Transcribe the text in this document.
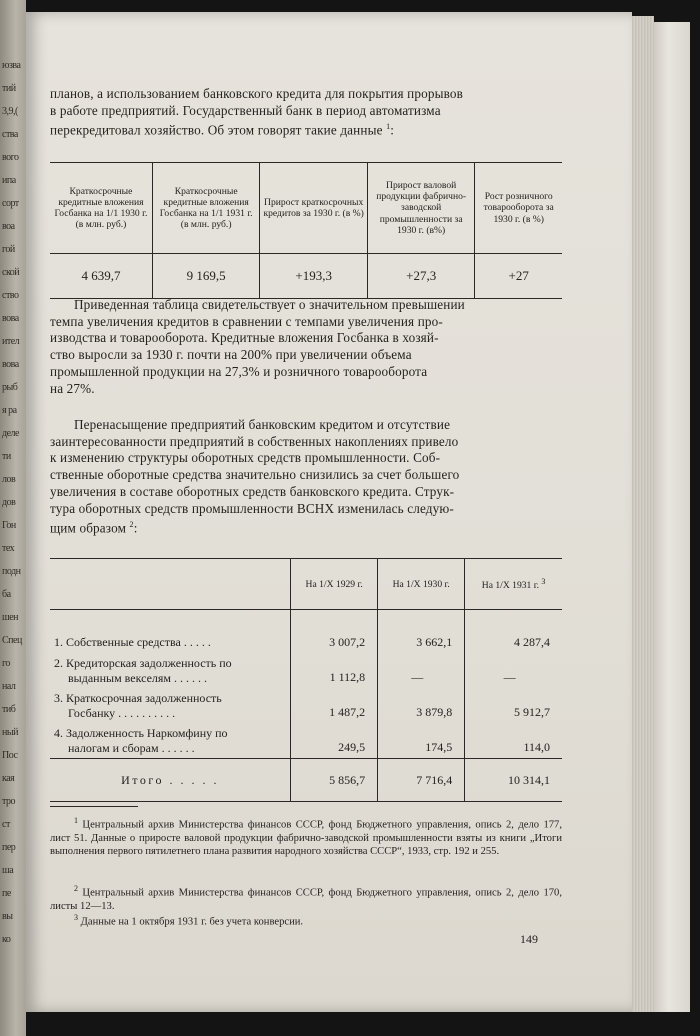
юзва
тий
3,9,(
ства
вого
ипа
сорт
воа
гой
ской
ство
вова
ител
вова
рыб
я ра
деле
ти
лов
дов
Гон
тех
подн
ба
шен
Спец
го
нал
тиб
ный
Пос
кая
тро
ст
пер
ша
пе
вы
ко
планов, а использованием банковского кредита для покрытия прорывов
в работе предприятий. Государственный банк в период автоматизма
перекредитовал хозяйство. Об этом говорят такие данные $^1$:
Краткосрочные кредитные вложения Госбанка на 1/1 1930 г. (в млн. руб.)	Краткосрочные кредитные вложения Госбанка на 1/1 1931 г. (в млн. руб.)	Прирост краткосрочных кредитов за 1930 г. (в %)	Прирост валовой продукции фабрично-заводской промышленности за 1930 г. (в%)	Рост розничного товарооборота за 1930 г. (в %)
4 639,7	9 169,5	+193,3	+27,3	+27
Приведенная таблица свидетельствует о значительном превышении
темпа увеличения кредитов в сравнении с темпами увеличения про-
изводства и товарооборота. Кредитные вложения Госбанка в хозяй-
ство выросли за 1930 г. почти на 200% при увеличении объема
промышленной продукции на 27,3% и розничного товарооборота
на 27%.
Перенасыщение предприятий банковским кредитом и отсутствие
заинтересованности предприятий в собственных накоплениях привело
к изменению структуры оборотных средств промышленности. Соб-
ственные оборотные средства значительно снизились за счет большего
увеличения в составе оборотных средств банковского кредита. Струк-
тура оборотных средств промышленности ВСНХ изменилась следую-
щим образом $^2$:
	На 1/X 1929 г.	На 1/X 1930 г.	На 1/X 1931 г. $^3$

1. Собственные средства . . . . .	3 007,2	3 662,1	4 287,4

2. Кредиторская задолженность по
выданным векселям . . . . . .	1 112,8	—	—

3. Краткосрочная задолженность
Госбанку . . . . . . . . . .	1 487,2	3 879,8	5 912,7

4. Задолженность Наркомфину по
налогам и сборам . . . . . .	249,5	174,5	114,0
Итого . . . . .	5 856,7	7 716,4	10 314,1
$^1$ Центральный архив Министерства финансов СССР, фонд Бюджетного управления, опись 2, дело 177, лист 51. Данные о приросте валовой продукции фабрично-заводской промышленности взяты из книги „Итоги выполнения первого пятилетнего плана развития народного хозяйства СССР“, 1933, стр. 192 и 255.
$^2$ Центральный архив Министерства финансов СССР, фонд Бюджетного управления, опись 2, дело 170, листы 12—13.
$^3$ Данные на 1 октября 1931 г. без учета конверсии.
149
